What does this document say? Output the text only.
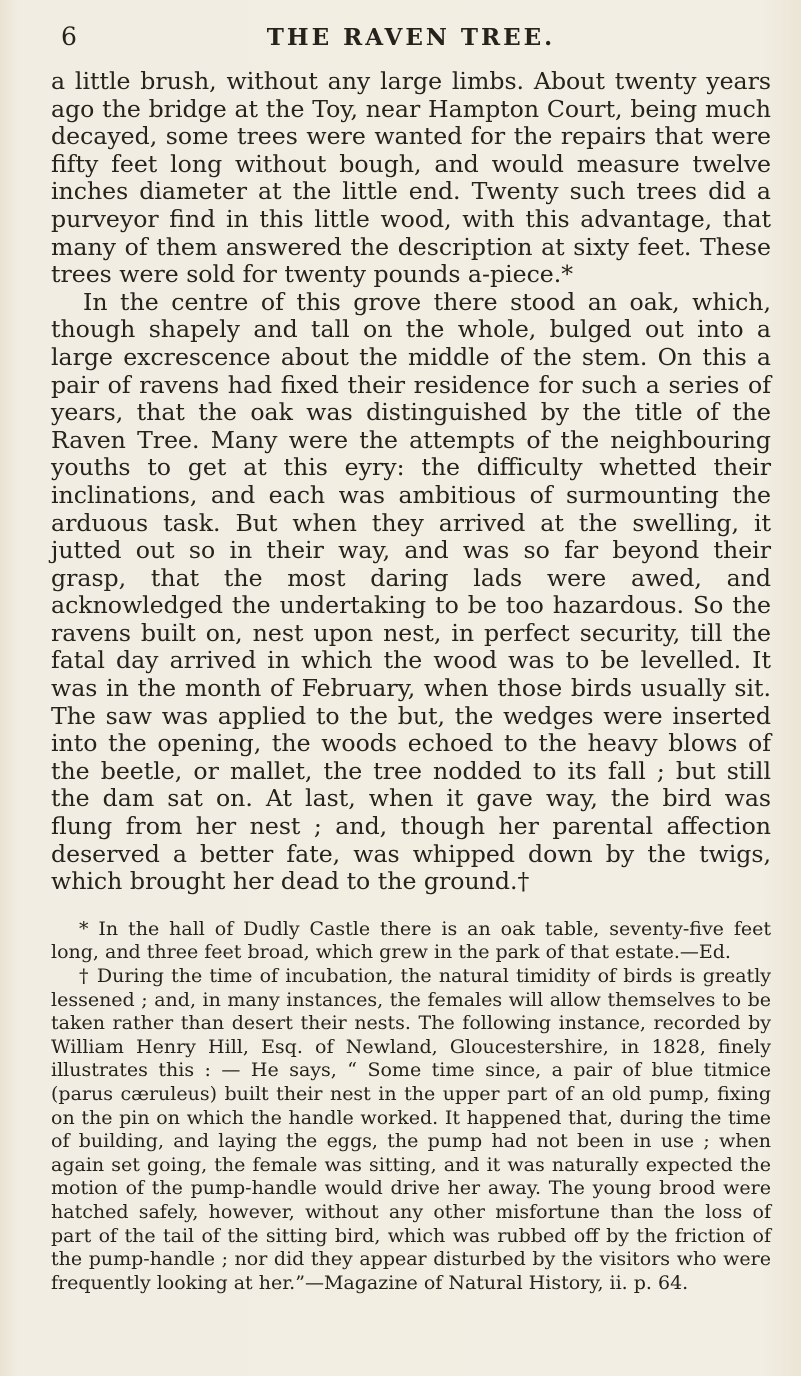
6	THE RAVEN TREE.

a little brush, without any large limbs. About twenty years ago the bridge at the Toy, near Hampton Court, being much decayed, some trees were wanted for the repairs that were fifty feet long without bough, and would measure twelve inches diameter at the little end. Twenty such trees did a purveyor find in this little wood, with this advantage, that many of them answered the description at sixty feet. These trees were sold for twenty pounds a-piece.*

In the centre of this grove there stood an oak, which, though shapely and tall on the whole, bulged out into a large excrescence about the middle of the stem. On this a pair of ravens had fixed their residence for such a series of years, that the oak was distinguished by the title of the Raven Tree. Many were the attempts of the neighbouring youths to get at this eyry: the difficulty whetted their inclinations, and each was ambitious of surmounting the arduous task. But when they arrived at the swelling, it jutted out so in their way, and was so far beyond their grasp, that the most daring lads were awed, and acknowledged the undertaking to be too hazardous. So the ravens built on, nest upon nest, in perfect security, till the fatal day arrived in which the wood was to be levelled. It was in the month of February, when those birds usually sit. The saw was applied to the but, the wedges were inserted into the opening, the woods echoed to the heavy blows of the beetle, or mallet, the tree nodded to its fall ; but still the dam sat on. At last, when it gave way, the bird was flung from her nest ; and, though her parental affection deserved a better fate, was whipped down by the twigs, which brought her dead to the ground.†

* In the hall of Dudly Castle there is an oak table, seventy-five feet long, and three feet broad, which grew in the park of that estate.—Ed.

† During the time of incubation, the natural timidity of birds is greatly lessened ; and, in many instances, the females will allow themselves to be taken rather than desert their nests. The following instance, recorded by William Henry Hill, Esq. of Newland, Gloucestershire, in 1828, finely illustrates this : — He says, “ Some time since, a pair of blue titmice (parus cæruleus) built their nest in the upper part of an old pump, fixing on the pin on which the handle worked. It happened that, during the time of building, and laying the eggs, the pump had not been in use ; when again set going, the female was sitting, and it was naturally expected the motion of the pump-handle would drive her away. The young brood were hatched safely, however, without any other misfortune than the loss of part of the tail of the sitting bird, which was rubbed off by the friction of the pump-handle ; nor did they appear disturbed by the visitors who were frequently looking at her.”—Magazine of Natural History, ii. p. 64.
